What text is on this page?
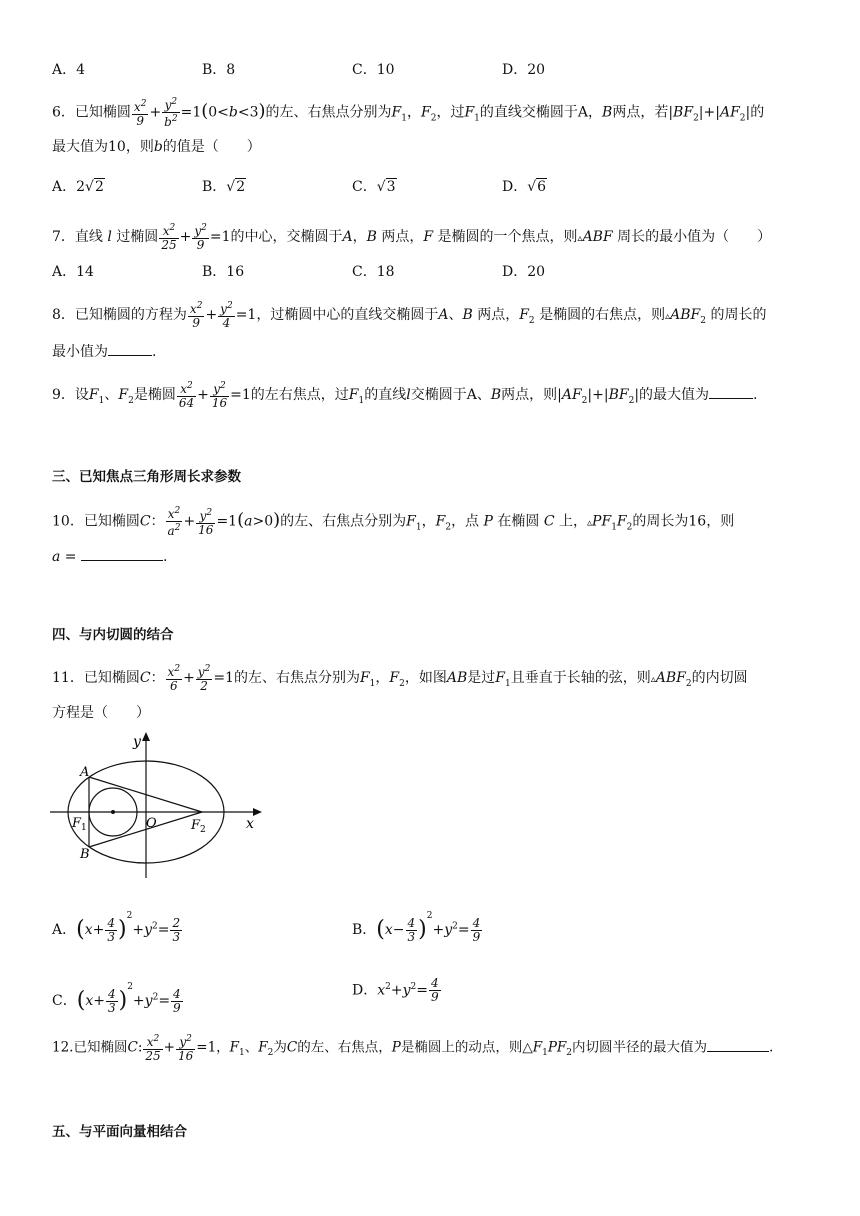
A．4	B．8	C．10	D．20
6．已知椭圆 $\frac{x^2}{9} + \frac{y^2}{b^2} =1(0<b<3)$的左、右焦点分别为$F_1$，$F_2$，过$F_1$的直线交椭圆于A，B两点，若$|BF_2|+|AF_2|$的
最大值为10，则b的值是（　　）
A．2√2	B．√2	C．√3	D．√6
7．直线 l 过椭圆 $\frac{x^2}{25} + \frac{y^2}{9} =1$的中心，交椭圆于A，B 两点，F 是椭圆的一个焦点，则▵ABF 周长的最小值为（　　）
A．14	B．16	C．18	D．20
8．已知椭圆的方程为 $\frac{x^2}{9} + \frac{y^2}{4} =1$，过椭圆中心的直线交椭圆于A、B 两点，$F_2$ 是椭圆的右焦点，则$▵ABF_2$ 的周长的
最小值为	.
9．设$F_1$、$F_2$是椭圆 $\frac{x^2}{64} + \frac{y^2}{16} =1$的左右焦点，过$F_1$的直线l交椭圆于A、B两点，则$|AF_2|+|BF_2|$的最大值为	.
三、已知焦点三角形周长求参数
10．已知椭圆C： $\frac{x^2}{a^2} + \frac{y^2}{16} =1(a>0)$的左、右焦点分别为$F_1$，$F_2$，点 P 在椭圆 C 上，$▵PF_1F_2$的周长为16，则
a =	.
四、与内切圆的结合
11．已知椭圆C： $\frac{x^2}{6} + \frac{y^2}{2} =1$的左、右焦点分别为$F_1$，$F_2$，如图AB是过$F_1$且垂直于长轴的弦，则$▵ABF_2$的内切圆
方程是（　　）
y
x
A
B
F 1	O	F 2
A．$(x+ \frac{4}{3} )^2+y^2= \frac{2}{3}$	B．$(x- \frac{4}{3} )^2+y^2= \frac{4}{9}$
C．$(x+ \frac{4}{3} )^2+y^2= \frac{4}{9}$	D．$x^2+y^2= \frac{4}{9}$
12.已知椭圆C: $\frac{x^2}{25} + \frac{y^2}{16} =1$，$F_1$、$F_2$为C的左、右焦点，P是椭圆上的动点，则$\triangle F_1PF_2$内切圆半径的最大值为	.
五、与平面向量相结合
